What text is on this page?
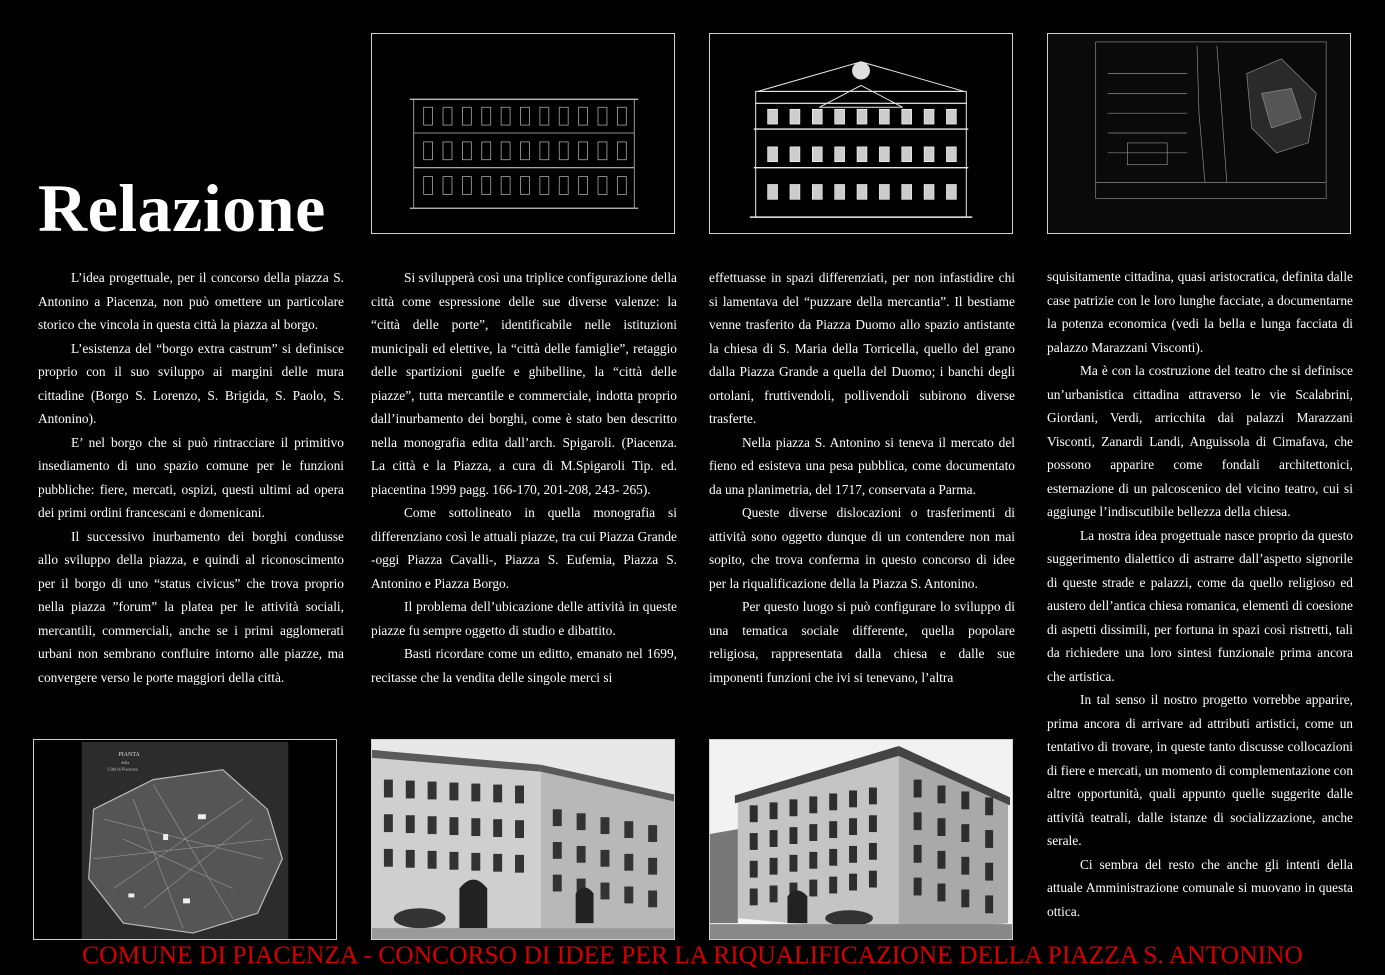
Relazione

L’idea progettuale, per il concorso della piazza S. Antonino a Piacenza, non può omettere un particolare storico che vincola in questa città la piazza al borgo.

L’esistenza del “borgo extra castrum” si definisce proprio con il suo sviluppo ai margini delle mura cittadine (Borgo S. Lorenzo, S. Brigida, S. Paolo, S. Antonino).

E’ nel borgo che si può rintracciare il primitivo insediamento di uno spazio comune per le funzioni pubbliche: fiere, mercati, ospizi, questi ultimi ad opera dei primi ordini francescani e domenicani.

Il successivo inurbamento dei borghi condusse allo sviluppo della piazza, e quindi al riconoscimento per il borgo di uno “status civicus” che trova proprio nella piazza ”forum” la platea per le attività sociali, mercantili, commerciali, anche se i primi agglomerati urbani non sembrano confluire intorno alle piazze, ma convergere verso le porte maggiori della città.

Si svilupperà così una triplice configurazione della città come espressione delle sue diverse valenze: la “città delle porte”, identificabile nelle istituzioni municipali ed elettive, la “città delle famiglie”, retaggio delle spartizioni guelfe e ghibelline, la “città delle piazze”, tutta mercantile e commerciale, indotta proprio dall’inurbamento dei borghi, come è stato ben descritto nella monografia edita dall’arch. Spigaroli. (Piacenza. La città e la Piazza, a cura di M.Spigaroli Tip. ed. piacentina 1999 pagg. 166-170, 201-208, 243- 265).

Come sottolineato in quella monografia si differenziano così le attuali piazze, tra cui Piazza Grande -oggi Piazza Cavalli-, Piazza S. Eufemia, Piazza S. Antonino e Piazza Borgo.

Il problema dell’ubicazione delle attività in queste piazze fu sempre oggetto di studio e dibattito.

Basti ricordare come un editto, emanato nel 1699, recitasse che la vendita delle singole merci si

effettuasse in spazi differenziati, per non infastidire chi si lamentava del “puzzare della mercantia”. Il bestiame venne trasferito da Piazza Duomo allo spazio antistante la chiesa di S. Maria della Torricella, quello del grano dalla Piazza Grande a quella del Duomo; i banchi degli ortolani, fruttivendoli, pollivendoli subirono diverse trasferte.

Nella piazza S. Antonino si teneva il mercato del fieno ed esisteva una pesa pubblica, come documentato da una planimetria, del 1717, conservata a Parma.

Queste diverse dislocazioni o trasferimenti di attività sono oggetto dunque di un contendere non mai sopito, che trova conferma in questo concorso di idee per la riqualificazione della la Piazza S. Antonino.

Per questo luogo si può configurare lo sviluppo di una tematica sociale differente, quella popolare religiosa, rappresentata dalla chiesa e dalle sue imponenti funzioni che ivi si tenevano, l’altra

squisitamente cittadina, quasi aristocratica, definita dalle case patrizie con le loro lunghe facciate, a documentarne la potenza economica (vedi la bella e lunga facciata di palazzo Marazzani Visconti).

Ma è con la costruzione del teatro che si definisce un’urbanistica cittadina attraverso le vie Scalabrini, Giordani, Verdi, arricchita dai palazzi Marazzani Visconti, Zanardi Landi, Anguissola di Cimafava, che possono apparire come fondali architettonici, esternazione di un palcoscenico del vicino teatro, cui si aggiunge l’indiscutibile bellezza della chiesa.

La nostra idea progettuale nasce proprio da questo suggerimento dialettico di astrarre dall’aspetto signorile di queste strade e palazzi, come da quello religioso ed austero dell’antica chiesa romanica, elementi di coesione di aspetti dissimili, per fortuna in spazi così ristretti, tali da richiedere una loro sintesi funzionale prima ancora che artistica.

In tal senso il nostro progetto vorrebbe apparire, prima ancora di arrivare ad attributi artistici, come un tentativo di trovare, in queste tanto discusse collocazioni di fiere e mercati, un momento di complementazione con altre opportunità, quali appunto quelle suggerite dalle attività teatrali, dalle istanze di socializzazione, anche serale.

Ci sembra del resto che anche gli intenti della attuale Amministrazione comunale si muovano in questa ottica.

PIANTA
della
Città di Piacenza
COMUNE DI PIACENZA - CONCORSO DI IDEE PER LA RIQUALIFICAZIONE DELLA PIAZZA S. ANTONINO
